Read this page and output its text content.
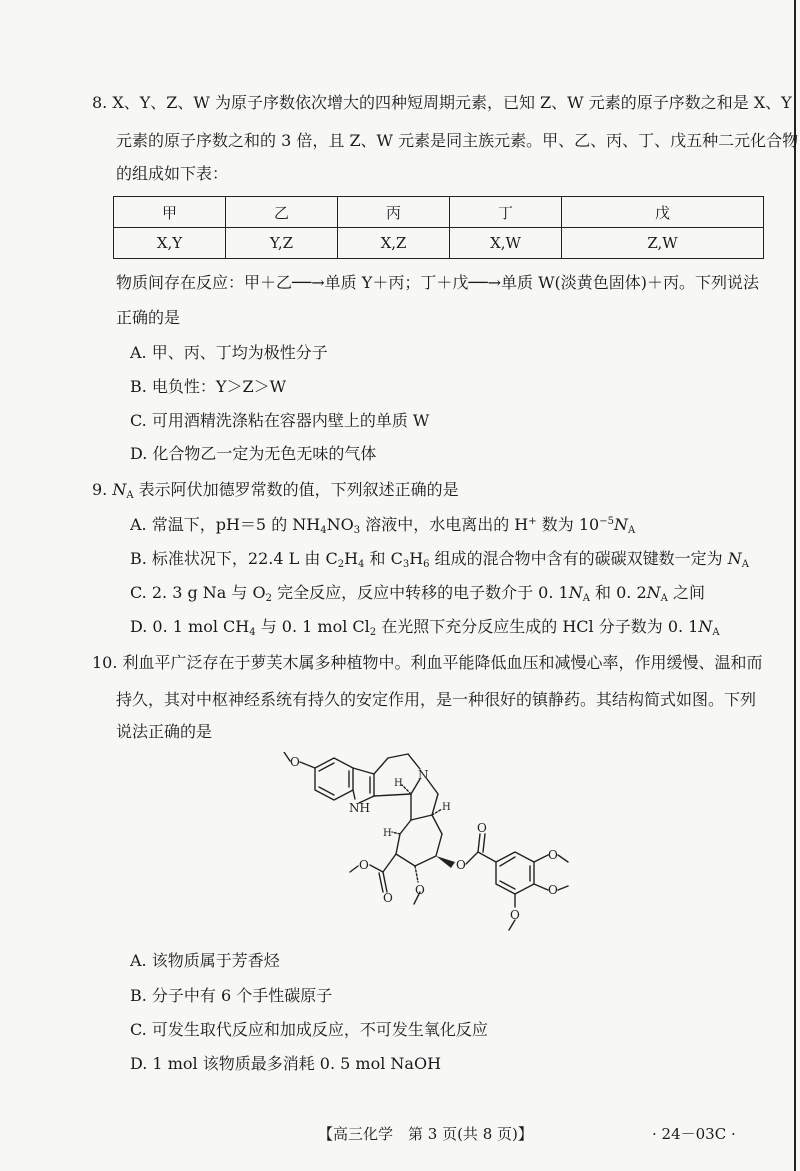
8. X、Y、Z、W 为原子序数依次增大的四种短周期元素，已知 Z、W 元素的原子序数之和是 X、Y
元素的原子序数之和的 3 倍，且 Z、W 元素是同主族元素。甲、乙、丙、丁、戊五种二元化合物
的组成如下表：
甲	乙	丙	丁	戊
X,Y	Y,Z	X,Z	X,W	Z,W
物质间存在反应：甲＋乙──→单质 Y＋丙；丁＋戊──→单质 W(淡黄色固体)＋丙。下列说法
正确的是
A. 甲、丙、丁均为极性分子
B. 电负性：Y＞Z＞W
C. 可用酒精洗涤粘在容器内壁上的单质 W
D. 化合物乙一定为无色无味的气体
9. $N_A$ 表示阿伏加德罗常数的值，下列叙述正确的是
A. 常温下，pH＝5 的 $NH_4NO_3$ 溶液中，水电离出的 H+ 数为 $10^{-5}N_A$
B. 标准状况下，22.4 L 由 $C_2H_4$ 和 $C_3H_6$ 组成的混合物中含有的碳碳双键数一定为 $N_A$
C. 2. 3 g Na 与 $O_2$ 完全反应，反应中转移的电子数介于 0. $1N_A$ 和 0. $2N_A$ 之间
D. 0. 1 mol $CH_4$ 与 0. 1 mol $Cl_2$ 在光照下充分反应生成的 HCl 分子数为 0. $1N_A$
10. 利血平广泛存在于萝芙木属多种植物中。利血平能降低血压和减慢心率，作用缓慢、温和而
持久，其对中枢神经系统有持久的安定作用，是一种很好的镇静药。其结构简式如图。下列
说法正确的是
O
NH
N
H
H
H
O
O
O
O
O
O
O
O
A. 该物质属于芳香烃
B. 分子中有 6 个手性碳原子
C. 可发生取代反应和加成反应，不可发生氧化反应
D. 1 mol 该物质最多消耗 0. 5 mol NaOH
【高三化学　第 3 页(共 8 页)】	· 24－03C ·
